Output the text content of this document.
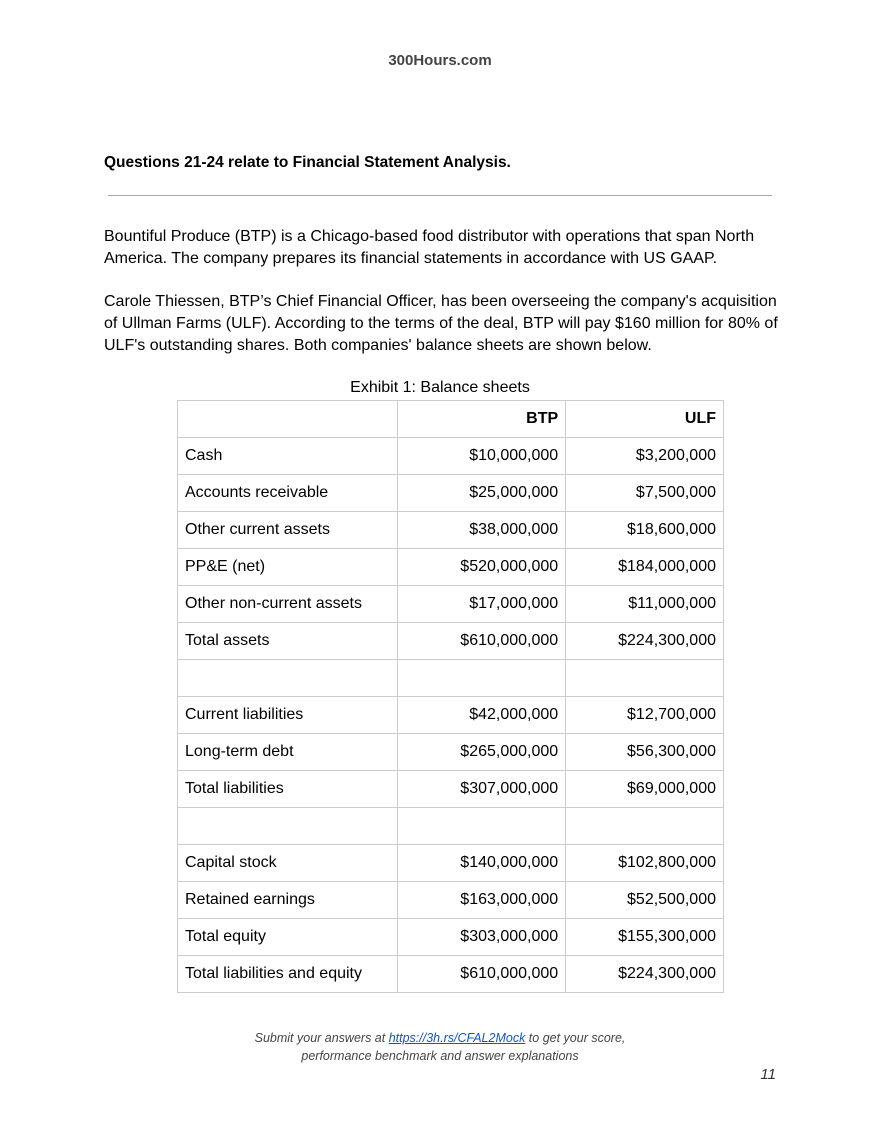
300Hours.com
Questions 21-24 relate to Financial Statement Analysis.

Bountiful Produce (BTP) is a Chicago-based food distributor with operations that span North America. The company prepares its financial statements in accordance with US GAAP.

Carole Thiessen, BTP’s Chief Financial Officer, has been overseeing the company's acquisition of Ullman Farms (ULF). According to the terms of the deal, BTP will pay $160 million for 80% of ULF's outstanding shares. Both companies' balance sheets are shown below.

Exhibit 1: Balance sheets
	BTP	ULF
Cash	$10,000,000	$3,200,000
Accounts receivable	$25,000,000	$7,500,000
Other current assets	$38,000,000	$18,600,000
PP&E (net)	$520,000,000	$184,000,000
Other non-current assets	$17,000,000	$11,000,000
Total assets	$610,000,000	$224,300,000

Current liabilities	$42,000,000	$12,700,000
Long-term debt	$265,000,000	$56,300,000
Total liabilities	$307,000,000	$69,000,000

Capital stock	$140,000,000	$102,800,000
Retained earnings	$163,000,000	$52,500,000
Total equity	$303,000,000	$155,300,000
Total liabilities and equity	$610,000,000	$224,300,000
Submit your answers at https://3h.rs/CFAL2Mock to get your score,
performance benchmark and answer explanations
11
